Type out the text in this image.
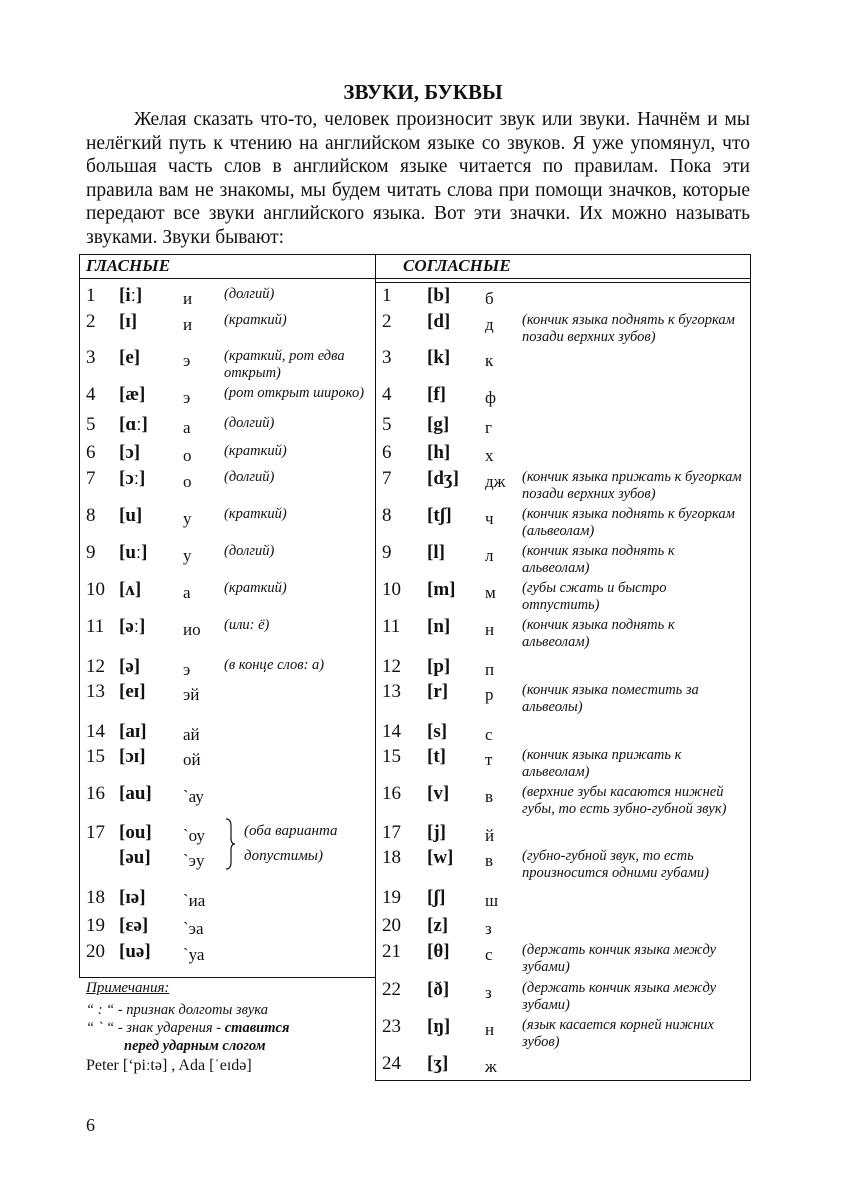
ЗВУКИ, БУКВЫ
Желая сказать что-то, человек произносит звук или звуки. Начнём и мы нелёгкий путь к чтению на английском языке со звуков. Я уже упомянул, что большая часть слов в английском языке читается по правилам. Пока эти правила вам не знакомы, мы будем читать слова при помощи значков, которые передают все звуки английского языка. Вот эти значки. Их можно называть звуками. Звуки бывают:
ГЛАСНЫЕ	СОГЛАСНЫЕ
1	[iː] и (долгий)
2	[ɪ]	и (краткий)
3	[e]	э (краткий, рот едва открыт)
4	[æ] э (рот открыт широко)
5	[ɑː] а (долгий)
6	[ɔ]	о (краткий)
7	[ɔː] о (долгий)
8	[u] у (краткий)
9	[uː] у (долгий)
10 [ʌ] а (краткий)
11 [əː] ио (или: ё)
12 [ə]	э (в конце слов: а)
13 [eɪ] эй
14 [aɪ] ай
15 [ɔɪ] ой
16 [au] `ау
17 [ou] `оу	(оба варианта
[əu] `эу	допустимы)
18 [ɪə] `иа
19 [ɛə] `эа
20 [uə] `уа
1	[b] б
2	[d] д (кончик языка поднять к бугоркам позади верхних зубов)
3	[k] к
4	[f] ф
5	[g] г
6	[h] х
7	[dʒ] дж (кончик языка прижать к бугоркам позади верхних зубов)
8	[tʃ] ч (кончик языка поднять к бугоркам (альвеолам)
9	[l] л (кончик языка поднять к альвеолам)
10	[m] м (губы сжать и быстро отпустить)
11	[n] н (кончик языка поднять к альвеолам)
12	[p] п
13	[r] р (кончик языка поместить за альвеолы)
14	[s] с
15	[t] т (кончик языка прижать к альвеолам)
16	[v] в (верхние зубы касаются нижней губы, то есть зубно-губной звук)
17	[j] й
18	[w] в (губно-губной звук, то есть произносится одними губами)
19	[ʃ] ш
20	[z] з
21	[θ] с (держать кончик языка между зубами)
22	[ð] з (держать кончик языка между зубами)
23	[ŋ] н (язык касается корней нижних зубов)
24	[ʒ] ж
Примечания:
“ : “ - признак долготы звука
“ ` “ - знак ударения - ставится
перед ударным слогом
Peter [ʻpiːtə] , Ada [ˈeɪdə]
6
